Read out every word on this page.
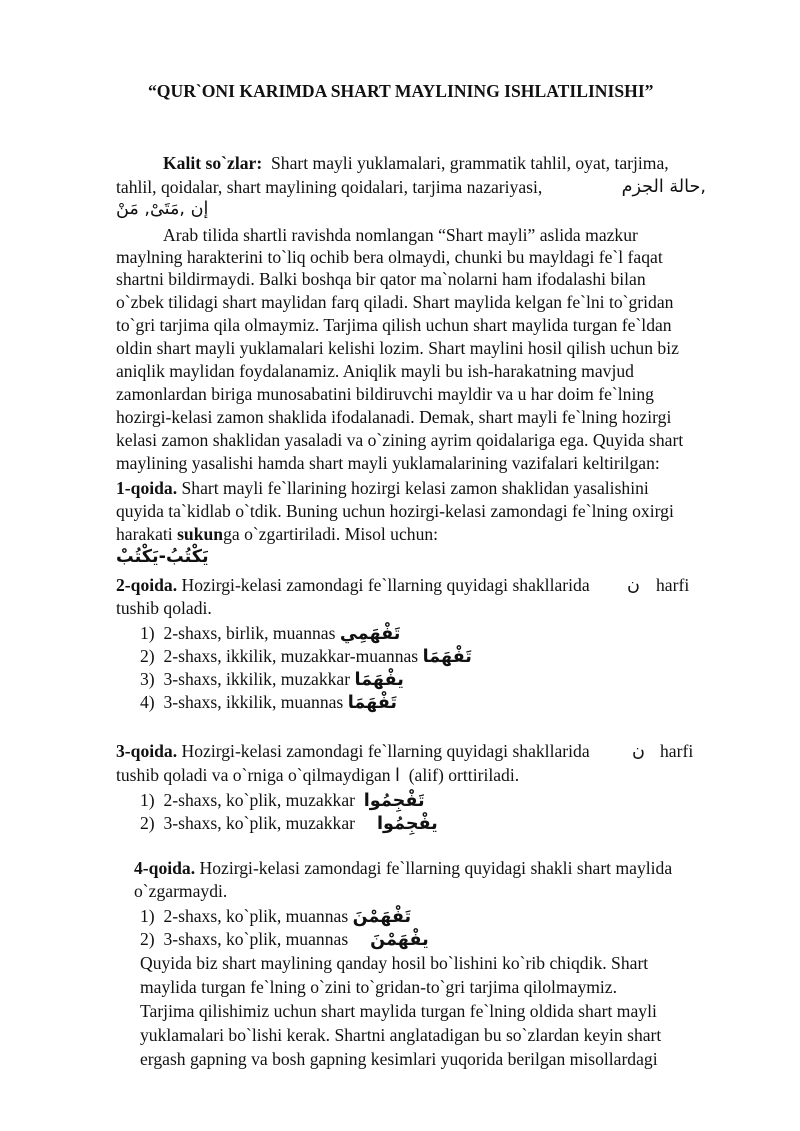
“QUR`ONI KARIMDA SHART MAYLINING ISHLATILINISHI”
Kalit so`zlar: Shart mayli yuklamalari, grammatik tahlil, oyat, tarjima,
tahlil, qoidalar, shart maylining qoidalari, tarjima nazariyasi,	,حالة الجزم
إن ,مَتَىْ, مَنْ
Arab tilida shartli ravishda nomlangan “Shart mayli” aslida mazkur
maylning harakterini to`liq ochib bera olmaydi, chunki bu mayldagi fe`l faqat
shartni bildirmaydi. Balki boshqa bir qator ma`nolarni ham ifodalashi bilan
o`zbek tilidagi shart maylidan farq qiladi. Shart maylida kelgan fe`lni to`gridan
to`gri tarjima qila olmaymiz. Tarjima qilish uchun shart maylida turgan fe`ldan
oldin shart mayli yuklamalari kelishi lozim. Shart maylini hosil qilish uchun biz
aniqlik maylidan foydalanamiz. Aniqlik mayli bu ish-harakatning mavjud
zamonlardan biriga munosabatini bildiruvchi mayldir va u har doim fe`lning
hozirgi-kelasi zamon shaklida ifodalanadi. Demak, shart mayli fe`lning hozirgi
kelasi zamon shaklidan yasaladi va o`zining ayrim qoidalariga ega. Quyida shart
maylining yasalishi hamda shart mayli yuklamalarining vazifalari keltirilgan:
1-qoida. Shart mayli fe`llarining hozirgi kelasi zamon shaklidan yasalishini
quyida ta`kidlab o`tdik. Buning uchun hozirgi-kelasi zamondagi fe`lning oxirgi
harakati sukunga o`zgartiriladi. Misol uchun:
يَكْتُبُ-يَكْتُبْ
2-qoida. Hozirgi-kelasi zamondagi fe`llarning quyidagi shakllarida ن harfi
tushib qoladi.
1) 2-shaxs, birlik, muannas تَفْهَمِي
2) 2-shaxs, ikkilik, muzakkar-muannas تَفْهَمَا
3) 3-shaxs, ikkilik, muzakkar يفْهَمَا
4) 3-shaxs, ikkilik, muannas تَفْهَمَا
3-qoida. Hozirgi-kelasi zamondagi fe`llarning quyidagi shakllarida ن harfi
tushib qoladi va o`rniga o`qilmaydigan ا (alif) orttiriladi.
1) 2-shaxs, ko`plik, muzakkar تَفْجِمُوا
2) 3-shaxs, ko`plik, muzakkar يفْجِمُوا
4-qoida. Hozirgi-kelasi zamondagi fe`llarning quyidagi shakli shart maylida
o`zgarmaydi.
1) 2-shaxs, ko`plik, muannas تَفْهَمْنَ
2) 3-shaxs, ko`plik, muannas يفْهَمْنَ
Quyida biz shart maylining qanday hosil bo`lishini ko`rib chiqdik. Shart
maylida turgan fe`lning o`zini to`gridan-to`gri tarjima qilolmaymiz.
Tarjima qilishimiz uchun shart maylida turgan fe`lning oldida shart mayli
yuklamalari bo`lishi kerak. Shartni anglatadigan bu so`zlardan keyin shart
ergash gapning va bosh gapning kesimlari yuqorida berilgan misollardagi
